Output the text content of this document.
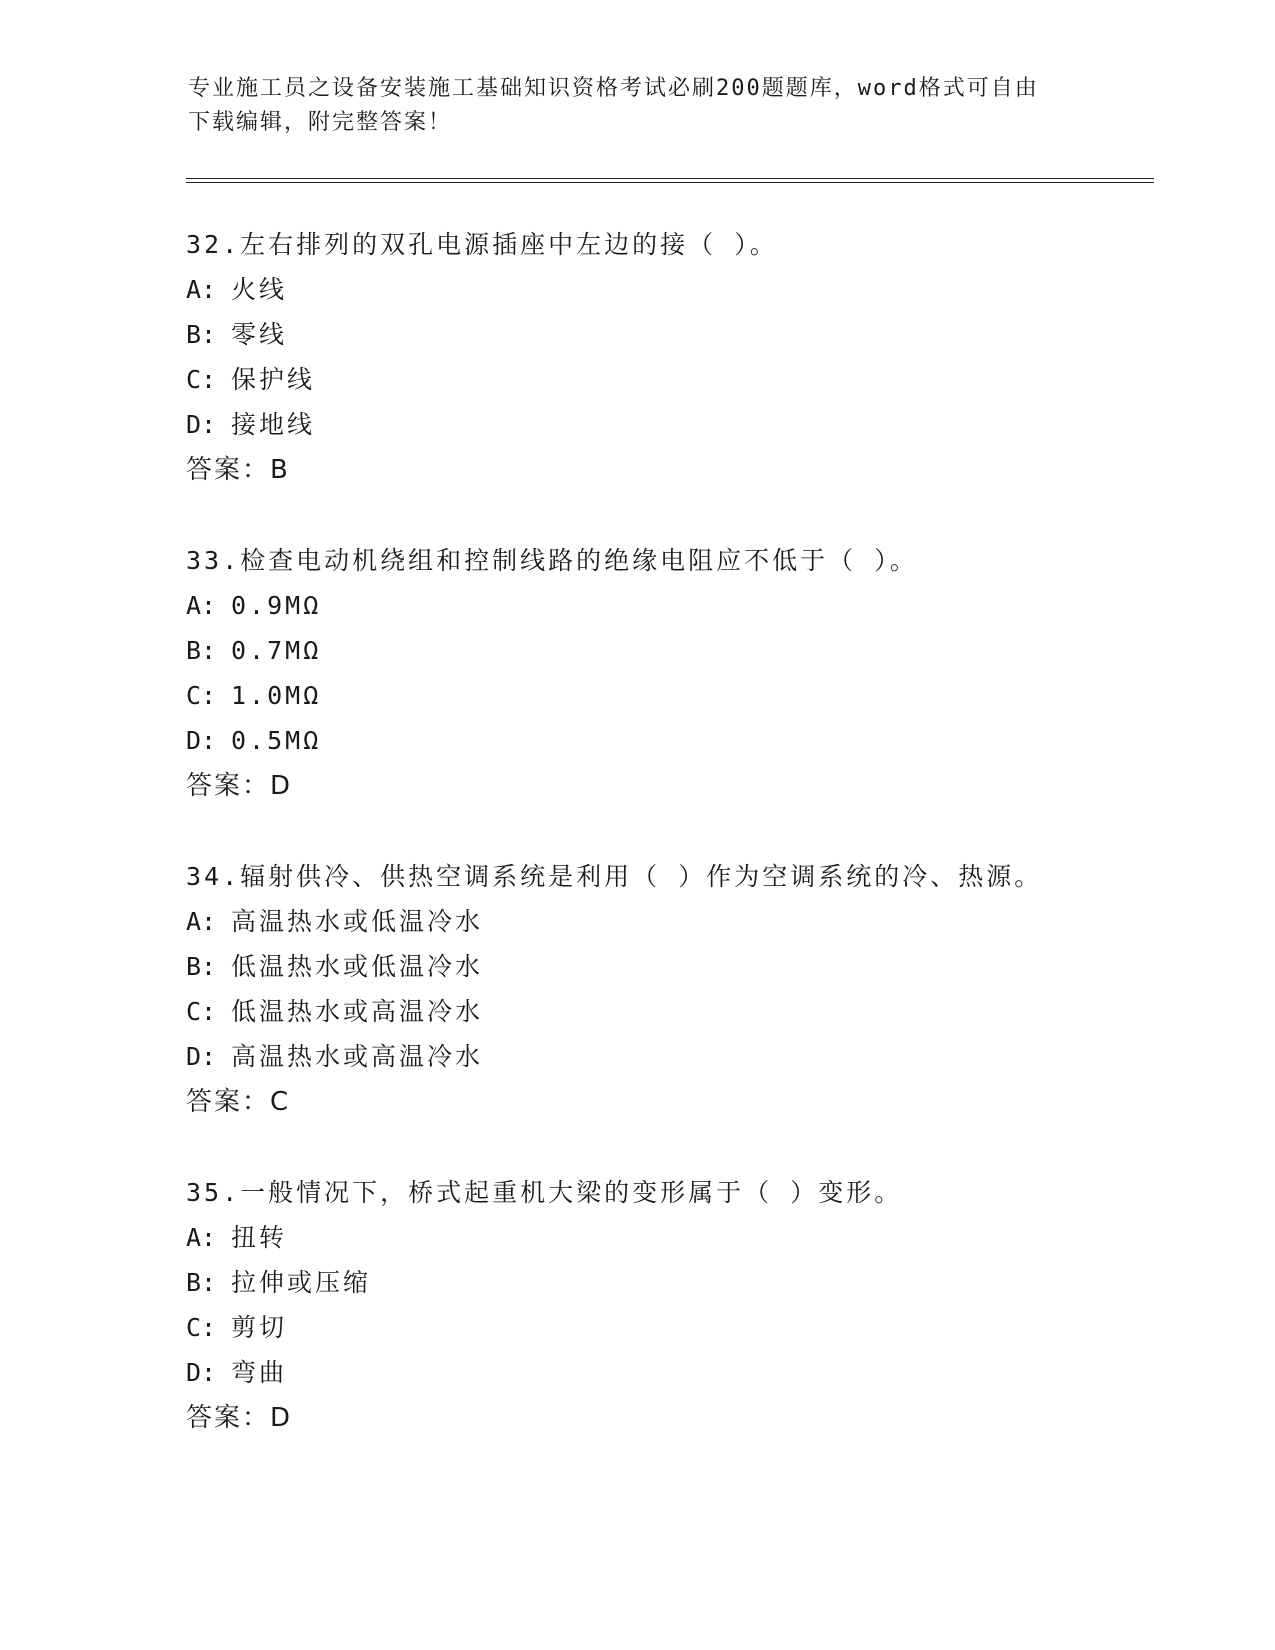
专业施工员之设备安装施工基础知识资格考试必刷200题题库，word格式可自由
下载编辑，附完整答案！
32.左右排列的双孔电源插座中左边的接（ ）。
A: 火线
B: 零线
C: 保护线
D: 接地线
答案：B
33.检查电动机绕组和控制线路的绝缘电阻应不低于（ ）。
A: 0.9MΩ
B: 0.7MΩ
C: 1.0MΩ
D: 0.5MΩ
答案：D
34.辐射供冷、供热空调系统是利用（ ）作为空调系统的冷、热源。
A: 高温热水或低温冷水
B: 低温热水或低温冷水
C: 低温热水或高温冷水
D: 高温热水或高温冷水
答案：C
35.一般情况下，桥式起重机大梁的变形属于（ ）变形。
A: 扭转
B: 拉伸或压缩
C: 剪切
D: 弯曲
答案：D
